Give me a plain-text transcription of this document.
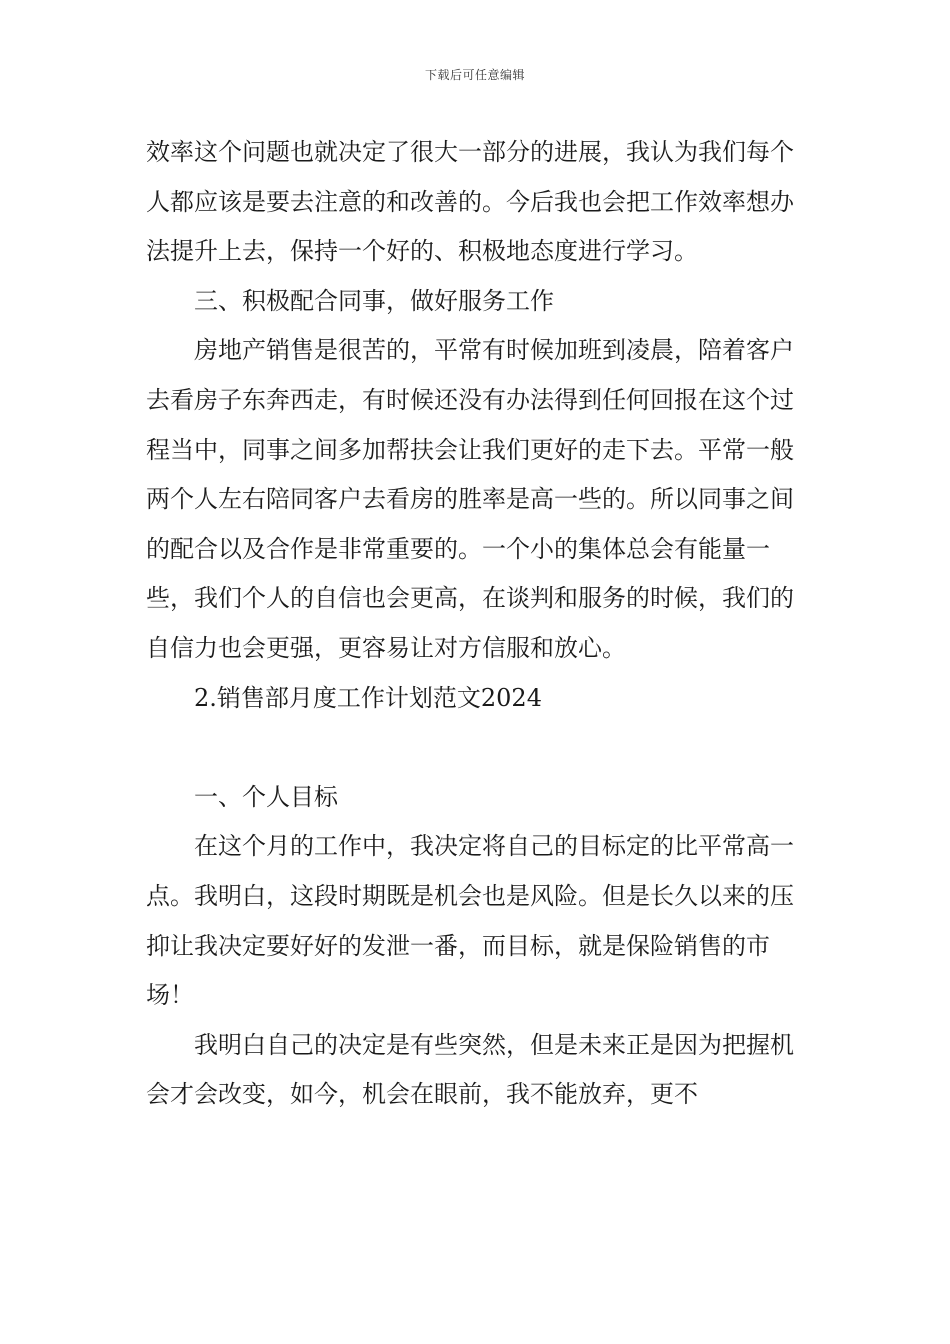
下载后可任意编辑

效率这个问题也就决定了很大一部分的进展，我认为我们每个人都应该是要去注意的和改善的。今后我也会把工作效率想办法提升上去，保持一个好的、积极地态度进行学习。

三、积极配合同事，做好服务工作

房地产销售是很苦的，平常有时候加班到凌晨，陪着客户去看房子东奔西走，有时候还没有办法得到任何回报在这个过程当中，同事之间多加帮扶会让我们更好的走下去。平常一般两个人左右陪同客户去看房的胜率是高一些的。所以同事之间的配合以及合作是非常重要的。一个小的集体总会有能量一些，我们个人的自信也会更高，在谈判和服务的时候，我们的自信力也会更强，更容易让对方信服和放心。

2.销售部月度工作计划范文2024

一、个人目标

在这个月的工作中，我决定将自己的目标定的比平常高一点。我明白，这段时期既是机会也是风险。但是长久以来的压抑让我决定要好好的发泄一番，而目标，就是保险销售的市场！

我明白自己的决定是有些突然，但是未来正是因为把握机会才会改变，如今，机会在眼前，我不能放弃，更不
